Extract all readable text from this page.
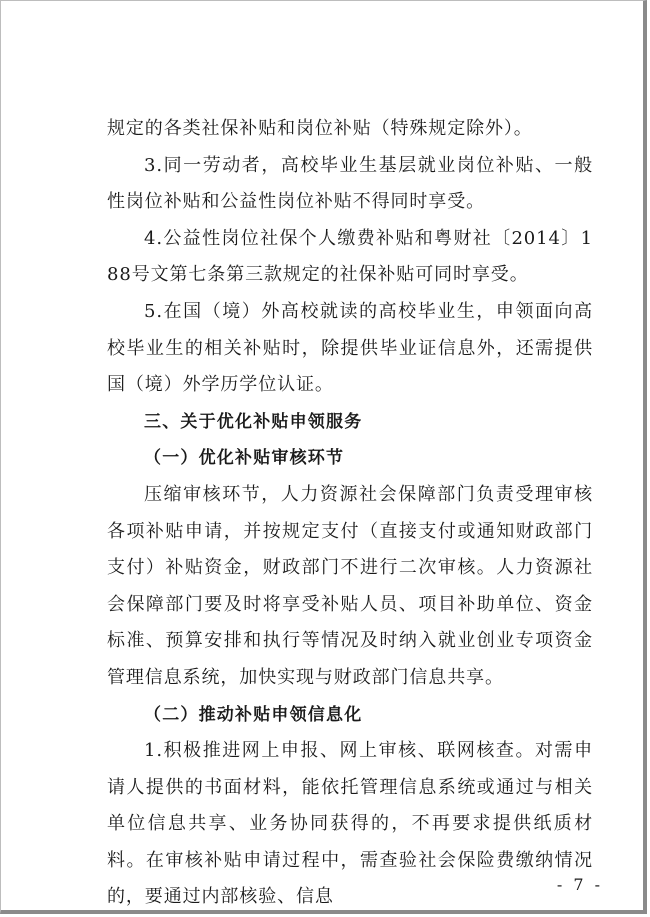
规定的各类社保补贴和岗位补贴（特殊规定除外）。

3.同一劳动者，高校毕业生基层就业岗位补贴、一般性岗位补贴和公益性岗位补贴不得同时享受。

4.公益性岗位社保个人缴费补贴和粤财社〔2014〕188号文第七条第三款规定的社保补贴可同时享受。

5.在国（境）外高校就读的高校毕业生，申领面向高校毕业生的相关补贴时，除提供毕业证信息外，还需提供国（境）外学历学位认证。

三、关于优化补贴申领服务

（一）优化补贴审核环节

压缩审核环节，人力资源社会保障部门负责受理审核各项补贴申请，并按规定支付（直接支付或通知财政部门支付）补贴资金，财政部门不进行二次审核。人力资源社会保障部门要及时将享受补贴人员、项目补助单位、资金标准、预算安排和执行等情况及时纳入就业创业专项资金管理信息系统，加快实现与财政部门信息共享。

（二）推动补贴申领信息化

1.积极推进网上申报、网上审核、联网核查。对需申请人提供的书面材料，能依托管理信息系统或通过与相关单位信息共享、业务协同获得的，不再要求提供纸质材料。在审核补贴申请过程中，需查验社会保险费缴纳情况的，要通过内部核验、信息

- 7 -
